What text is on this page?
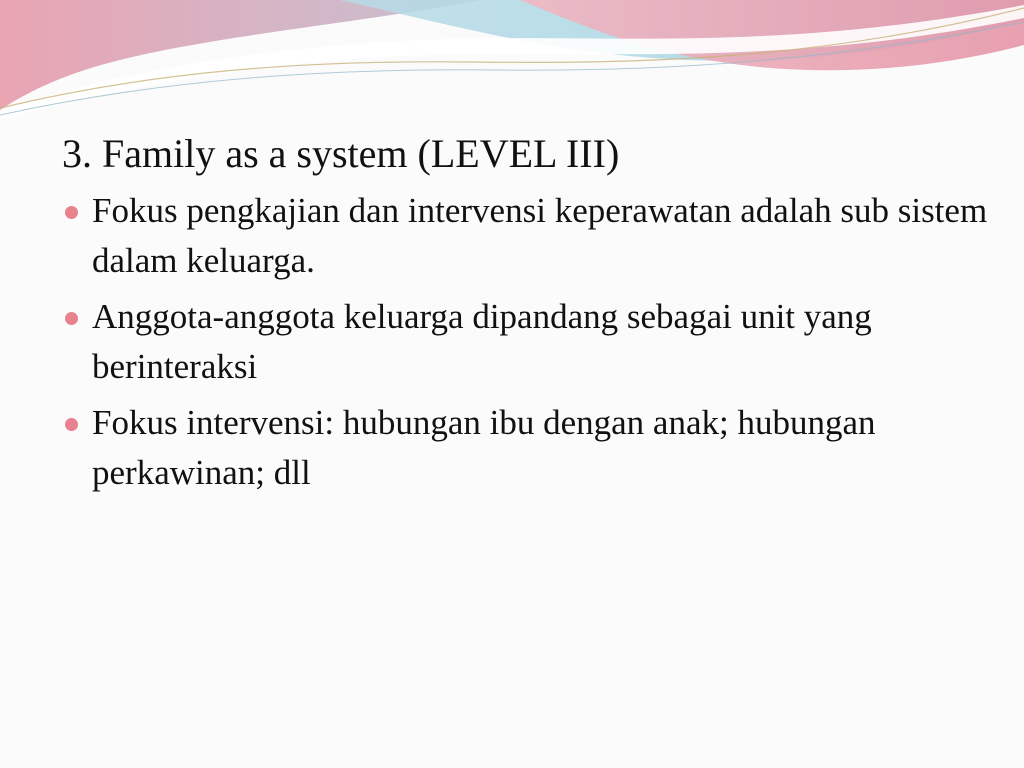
3. Family as a system (LEVEL III)
Fokus pengkajian dan intervensi keperawatan adalah sub sistem dalam keluarga.
Anggota-anggota keluarga dipandang sebagai unit yang berinteraksi
Fokus intervensi: hubungan ibu dengan anak; hubungan perkawinan; dll
